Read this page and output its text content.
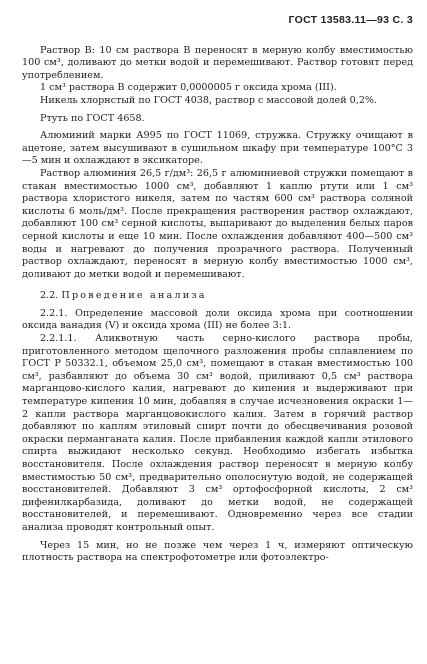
ГОСТ 13583.11—93 С. 3

Раствор В: 10 см раствора В переносят в мерную колбу вместимостью 100 см³, доливают до метки водой и перемешивают. Раствор готовят перед употреблением.

1 см³ раствора В содержит 0,0000005 г оксида хрома (III).

Никель хлорнстый по ГОСТ 4038, раствор с массовой долей 0,2%.

Ртуть по ГОСТ 4658.

Алюминий марки А995 по ГОСТ 11069, стружка. Стружку очищают в ацетоне, затем высушивают в сушильном шкафу при температуре 100°С 3—5 мин и охлаждают в эксикаторе.

Раствор алюминия 26,5 г/дм³: 26,5 г алюминиевой стружки помещают в стакан вместимостью 1000 см³, добавляют 1 каплю ртути или 1 см³ раствора хлористого никеля, затем по частям 600 см³ раствора соляной кислоты 6 моль/дм³. После прекращения растворения раствор охлаждают, добавляют 100 см³ серной кислоты, выпаривают до выделения белых паров серной кислоты и еще 10 мин. После охлаждения добавляют 400—500 см³ воды и нагревают до получения прозрачного раствора. Полученный раствор охлаждают, переносят в мерную колбу вместимостью 1000 см³, доливают до метки водой и перемешивают.

2.2. Проведение анализа

2.2.1. Определение массовой доли оксида хрома при соотношении оксида ванадия (V) и оксида хрома (III) не более 3:1.

2.2.1.1. Аликвотную часть серно-кислого раствора пробы, приготовленного методом щелочного разложения пробы сплавлением по ГОСТ Р 50332.1, объемом 25,0 см³, помещают в стакан вместимостью 100 см³, разбавляют до объема 30 см³ водой, приливают 0,5 см³ раствора марганцово-кислого калия, нагревают до кипения и выдерживают при температуре кипения 10 мин, добавляя в случае исчезновения окраски 1—2 капли раствора марганцовокислого калия. Затем в горячий раствор добавляют по каплям этиловый спирт почти до обесцвечивания розовой окраски перманганата калия. После прибавления каждой капли этилового спирта выжидают несколько секунд. Необходимо избегать избытка восстановителя. После охлаждения раствор переносят в мерную колбу вместимостью 50 см³, предварительно ополоснутую водой, не содержащей восстановителей. Добавляют 3 см³ ортофосфорной кислоты, 2 см³ дифенилкарбазида, доливают до метки водой, не содержащей восстановителей, и перемешивают. Одновременно через все стадии анализа проводят контрольный опыт.

Через 15 мин, но не позже чем через 1 ч, измеряют оптическую плотность раствора на спектрофотометре или фотоэлектро-
